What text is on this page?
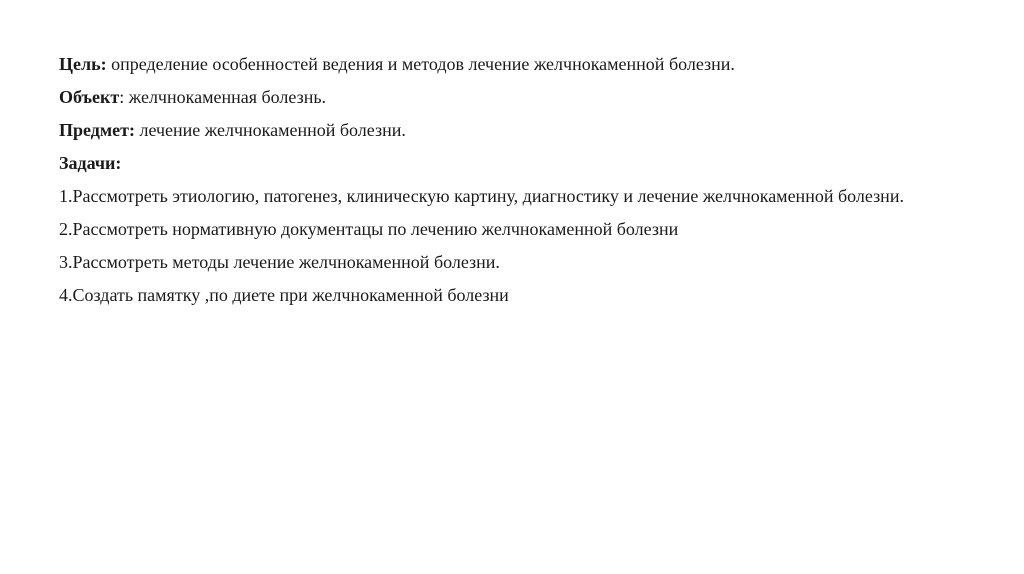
Цель: определение особенностей ведения и методов лечение желчнокаменной болезни.

Объект: желчнокаменная болезнь.

Предмет: лечение желчнокаменной болезни.

Задачи:

1.Рассмотреть этиологию, патогенез, клиническую картину, диагностику и лечение желчнокаменной болезни.

2.Рассмотреть нормативную документацы по лечению желчнокаменной болезни

3.Рассмотреть методы лечение желчнокаменной болезни.

4.Создать памятку ,по диете при желчнокаменной болезни
